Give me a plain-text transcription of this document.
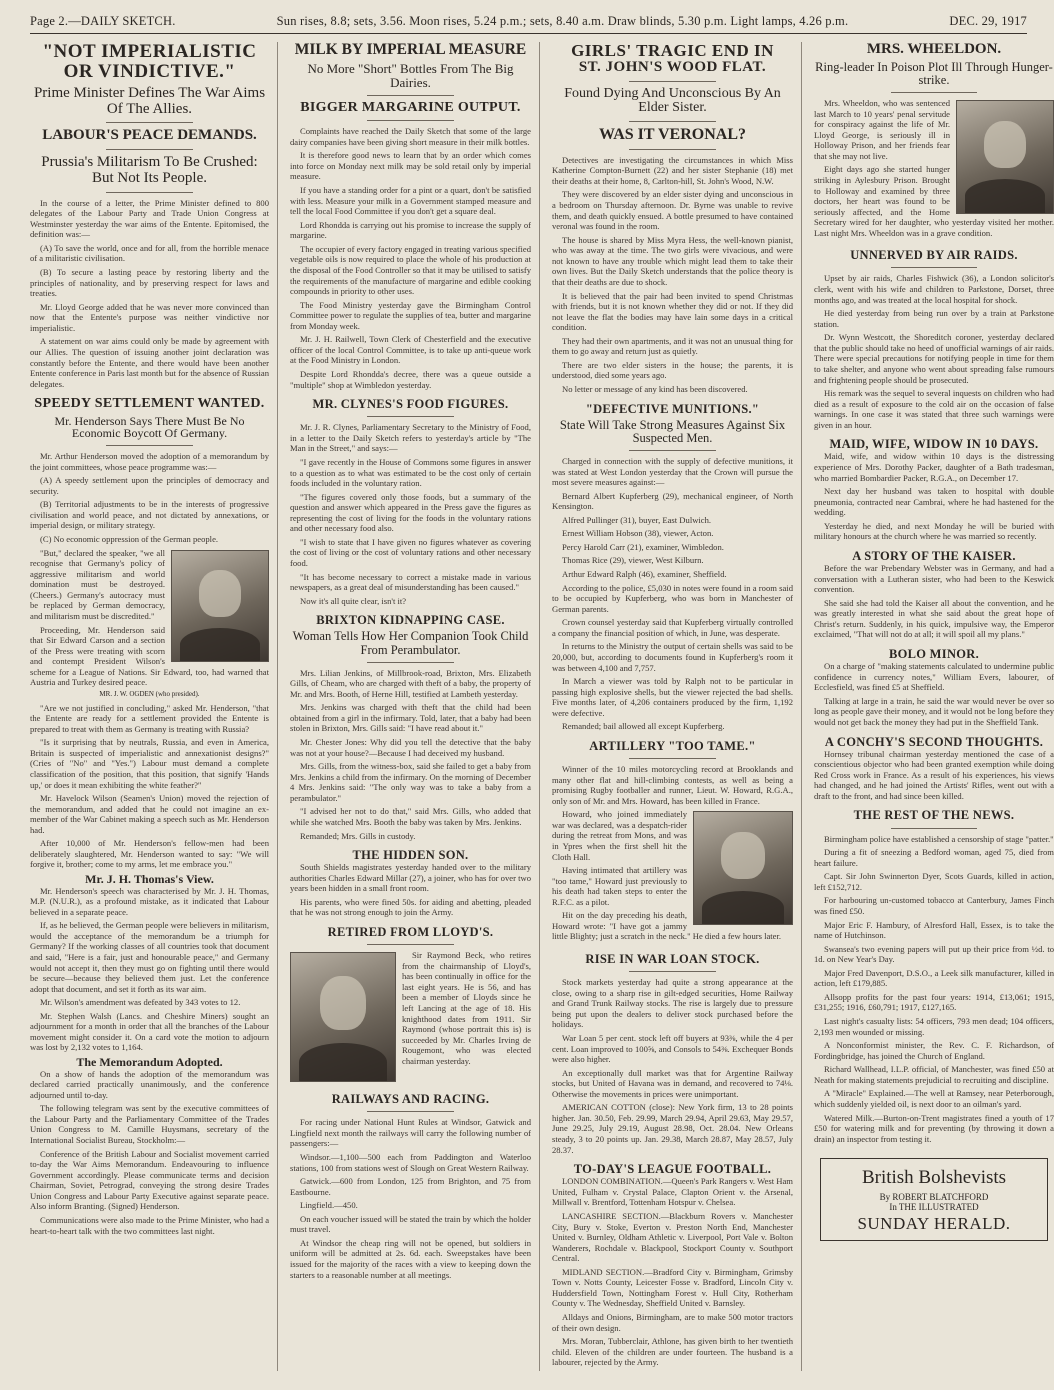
Page 2.—DAILY SKETCH.	Sun rises, 8.8; sets, 3.56. Moon rises, 5.24 p.m.; sets, 8.40 a.m. Draw blinds, 5.30 p.m. Light lamps, 4.26 p.m.	DEC. 29, 1917
"NOT IMPERIALISTIC
OR VINDICTIVE."
Prime Minister Defines The War Aims Of The Allies.
LABOUR'S PEACE DEMANDS.
Prussia's Militarism To Be Crushed: But Not Its People.

In the course of a letter, the Prime Minister defined to 800 delegates of the Labour Party and Trade Union Congress at Westminster yesterday the war aims of the Entente. Epitomised, the definition was:—

(A) To save the world, once and for all, from the horrible menace of a militaristic civilisation.

(B) To secure a lasting peace by restoring liberty and the principles of nationality, and by preserving respect for laws and treaties.

Mr. Lloyd George added that he was never more convinced than now that the Entente's purpose was neither vindictive nor imperialistic.

A statement on war aims could only be made by agreement with our Allies. The question of issuing another joint declaration was constantly before the Entente, and there would have been another Entente conference in Paris last month but for the absence of Russian delegates.

SPEEDY SETTLEMENT WANTED.
Mr. Henderson Says There Must Be No Economic Boycott Of Germany.

Mr. Arthur Henderson moved the adoption of a memorandum by the joint committees, whose peace programme was:—

(A) A speedy settlement upon the principles of democracy and security.

(B) Territorial adjustments to be in the interests of progressive civilisation and world peace, and not dictated by annexations, or imperial design, or military strategy.

(C) No economic oppression of the German people.

"But," declared the speaker, "we all recognise that Germany's policy of aggressive militarism and world domination must be destroyed. (Cheers.) Germany's autocracy must be replaced by German democracy, and militarism must be discredited."

Proceeding, Mr. Henderson said that Sir Edward Carson and a section of the Press were treating with scorn and contempt President Wilson's scheme for a League of Nations. Sir Edward, too, had warned that Austria and Turkey desired peace.

MR. J. W. OGDEN (who presided).

"Are we not justified in concluding," asked Mr. Henderson, "that the Entente are ready for a settlement provided the Entente is prepared to treat with them as Germany is treating with Russia?

"Is it surprising that by neutrals, Russia, and even in America, Britain is suspected of imperialistic and annexationist designs?" (Cries of "No" and "Yes.") Labour must demand a complete classification of the position, that this position, that signify 'Hands up,' or does it mean exhibiting the white feather?"

Mr. Havelock Wilson (Seamen's Union) moved the rejection of the memorandum, and added that he could not imagine an ex-member of the War Cabinet making a speech such as Mr. Henderson had.

After 10,000 of Mr. Henderson's fellow-men had been deliberately slaughtered, Mr. Henderson wanted to say: "We will forgive it, brother; come to my arms, let me embrace you."

Mr. J. H. Thomas's View.

Mr. Henderson's speech was characterised by Mr. J. H. Thomas, M.P. (N.U.R.), as a profound mistake, as it indicated that Labour believed in a separate peace.

If, as he believed, the German people were believers in militarism, would the acceptance of the memorandum be a triumph for Germany? If the working classes of all countries took that document and said, "Here is a fair, just and honourable peace," and Germany would not accept it, then they must go on fighting until there would be secure—because they believed them just. Let the conference adopt that document, and set it forth as its war aim.

Mr. Wilson's amendment was defeated by 343 votes to 12.

Mr. Stephen Walsh (Lancs. and Cheshire Miners) sought an adjournment for a month in order that all the branches of the Labour movement might consider it. On a card vote the motion to adjourn was lost by 2,132 votes to 1,164.

The Memorandum Adopted.

On a show of hands the adoption of the memorandum was declared carried practically unanimously, and the conference adjourned until to-day.

The following telegram was sent by the executive committees of the Labour Party and the Parliamentary Committee of the Trades Union Congress to M. Camille Huysmans, secretary of the International Socialist Bureau, Stockholm:—

Conference of the British Labour and Socialist movement carried to-day the War Aims Memorandum. Endeavouring to influence Government accordingly. Please communicate terms and decision Chairman, Soviet, Petrograd, conveying the strong desire Trades Union Congress and Labour Party Executive against separate peace. Also inform Branting. (Signed) Henderson.

Communications were also made to the Prime Minister, who had a heart-to-heart talk with the two committees last night.

MILK BY IMPERIAL MEASURE
No More "Short" Bottles From The Big Dairies.
BIGGER MARGARINE OUTPUT.

Complaints have reached the Daily Sketch that some of the large dairy companies have been giving short measure in their milk bottles.

It is therefore good news to learn that by an order which comes into force on Monday next milk may be sold retail only by imperial measure.

If you have a standing order for a pint or a quart, don't be satisfied with less. Measure your milk in a Government stamped measure and tell the local Food Committee if you don't get a square deal.

Lord Rhondda is carrying out his promise to increase the supply of margarine.

The occupier of every factory engaged in treating various specified vegetable oils is now required to place the whole of his production at the disposal of the Food Controller so that it may be utilised to satisfy the requirements of the manufacture of margarine and edible cooking compounds in priority to other uses.

The Food Ministry yesterday gave the Birmingham Control Committee power to regulate the supplies of tea, butter and margarine from Monday week.

Mr. J. H. Railwell, Town Clerk of Chesterfield and the executive officer of the local Control Committee, is to take up anti-queue work at the Food Ministry in London.

Despite Lord Rhondda's decree, there was a queue outside a "multiple" shop at Wimbledon yesterday.

MR. CLYNES'S FOOD FIGURES.

Mr. J. R. Clynes, Parliamentary Secretary to the Ministry of Food, in a letter to the Daily Sketch refers to yesterday's article by "The Man in the Street," and says:—

"I gave recently in the House of Commons some figures in answer to a question as to what was estimated to be the cost only of certain foods included in the voluntary ration.

"The figures covered only those foods, but a summary of the question and answer which appeared in the Press gave the figures as representing the cost of living for the foods in the voluntary rations and other necessary food also.

"I wish to state that I have given no figures whatever as covering the cost of living or the cost of voluntary rations and other necessary food.

"It has become necessary to correct a mistake made in various newspapers, as a great deal of misunderstanding has been caused."

Now it's all quite clear, isn't it?

BRIXTON KIDNAPPING CASE.
Woman Tells How Her Companion Took Child From Perambulator.

Mrs. Lilian Jenkins, of Millbrook-road, Brixton, Mrs. Elizabeth Gills, of Cheam, who are charged with theft of a baby, the property of Mr. and Mrs. Booth, of Herne Hill, testified at Lambeth yesterday.

Mrs. Jenkins was charged with theft that the child had been obtained from a girl in the infirmary. Told, later, that a baby had been stolen in Brixton, Mrs. Gills said: "I have read about it."

Mr. Chester Jones: Why did you tell the detective that the baby was not at your house?—Because I had deceived my husband.

Mrs. Gills, from the witness-box, said she failed to get a baby from Mrs. Jenkins a child from the infirmary. On the morning of December 4 Mrs. Jenkins said: "The only way was to take a baby from a perambulator."

"I advised her not to do that," said Mrs. Gills, who added that while she watched Mrs. Booth the baby was taken by Mrs. Jenkins.

Remanded; Mrs. Gills in custody.

THE HIDDEN SON.

South Shields magistrates yesterday handed over to the military authorities Charles Edward Millar (27), a joiner, who has for over two years been hidden in a small front room.

His parents, who were fined 50s. for aiding and abetting, pleaded that he was not strong enough to join the Army.

RETIRED FROM LLOYD'S.

Sir Raymond Beck, who retires from the chairmanship of Lloyd's, has been continually in office for the last eight years. He is 56, and has been a member of Lloyds since he left Lancing at the age of 18. His knighthood dates from 1911. Sir Raymond (whose portrait this is) is succeeded by Mr. Charles Irving de Rougemont, who was elected chairman yesterday.

RAILWAYS AND RACING.

For racing under National Hunt Rules at Windsor, Gatwick and Lingfield next month the railways will carry the following number of passengers:—

Windsor.—1,100—500 each from Paddington and Waterloo stations, 100 from stations west of Slough on Great Western Railway.

Gatwick.—600 from London, 125 from Brighton, and 75 from Eastbourne.

Lingfield.—450.

On each voucher issued will be stated the train by which the holder must travel.

At Windsor the cheap ring will not be opened, but soldiers in uniform will be admitted at 2s. 6d. each. Sweepstakes have been issued for the majority of the races with a view to keeping down the starters to a reasonable number at all meetings.

GIRLS' TRAGIC END IN
ST. JOHN'S WOOD FLAT.
Found Dying And Unconscious By An Elder Sister.
WAS IT VERONAL?

Detectives are investigating the circumstances in which Miss Katherine Compton-Burnett (22) and her sister Stephanie (18) met their deaths at their home, 8, Carlton-hill, St. John's Wood, N.W.

They were discovered by an elder sister dying and unconscious in a bedroom on Thursday afternoon. Dr. Byrne was unable to revive them, and death quickly ensued. A bottle presumed to have contained veronal was found in the room.

The house is shared by Miss Myra Hess, the well-known pianist, who was away at the time. The two girls were vivacious, and were not known to have any trouble which might lead them to take their own lives. But the Daily Sketch understands that the police theory is that their deaths are due to shock.

It is believed that the pair had been invited to spend Christmas with friends, but it is not known whether they did or not. If they did not leave the flat the bodies may have lain some days in a critical condition.

They had their own apartments, and it was not an unusual thing for them to go away and return just as quietly.

There are two elder sisters in the house; the parents, it is understood, died some years ago.

No letter or message of any kind has been discovered.

"DEFECTIVE MUNITIONS."
State Will Take Strong Measures Against Six Suspected Men.

Charged in connection with the supply of defective munitions, it was stated at West London yesterday that the Crown will pursue the most severe measures against:—

Bernard Albert Kupferberg (29), mechanical engineer, of North Kensington.

Alfred Pullinger (31), buyer, East Dulwich.

Ernest William Hobson (38), viewer, Acton.

Percy Harold Carr (21), examiner, Wimbledon.

Thomas Rice (29), viewer, West Kilburn.

Arthur Edward Ralph (46), examiner, Sheffield.

According to the police, £5,030 in notes were found in a room said to be occupied by Kupferberg, who was born in Manchester of German parents.

Crown counsel yesterday said that Kupferberg virtually controlled a company the financial position of which, in June, was desperate.

In returns to the Ministry the output of certain shells was said to be 20,000, but, according to documents found in Kupferberg's room it was between 4,100 and 7,757.

In March a viewer was told by Ralph not to be particular in passing high explosive shells, but the viewer rejected the bad shells. Five months later, of 4,206 containers produced by the firm, 1,192 were defective.

Remanded; bail allowed all except Kupferberg.

ARTILLERY "TOO TAME."

Winner of the 10 miles motorcycling record at Brooklands and many other flat and hill-climbing contests, as well as being a promising Rugby footballer and runner, Lieut. W. Howard, R.G.A., only son of Mr. and Mrs. Howard, has been killed in France.

Howard, who joined immediately war was declared, was a despatch-rider during the retreat from Mons, and was in Ypres when the first shell hit the Cloth Hall.

Having intimated that artillery was "too tame," Howard just previously to his death had taken steps to enter the R.F.C. as a pilot.

Hit on the day preceding his death, Howard wrote: "I have got a jammy little Blighty; just a scratch in the neck." He died a few hours later.

RISE IN WAR LOAN STOCK.

Stock markets yesterday had quite a strong appearance at the close, owing to a sharp rise in gilt-edged securities, Home Railway and Grand Trunk Railway stocks. The rise is largely due to pressure being put upon the dealers to deliver stock purchased before the holidays.

War Loan 5 per cent. stock left off buyers at 93⅜, while the 4 per cent. Loan improved to 100⅝, and Consols to 54⅜. Exchequer Bonds were also higher.

An exceptionally dull market was that for Argentine Railway stocks, but United of Havana was in demand, and recovered to 74⅛. Otherwise the movements in prices were unimportant.

AMERICAN COTTON (close): New York firm, 13 to 28 points higher. Jan. 30.50, Feb. 29.99, March 29.94, April 29.63, May 29.57, June 29.25, July 29.19, August 28.98, Oct. 28.04. New Orleans steady, 3 to 20 points up. Jan. 29.38, March 28.87, May 28.57, July 28.37.

TO-DAY'S LEAGUE FOOTBALL.

LONDON COMBINATION.—Queen's Park Rangers v. West Ham United, Fulham v. Crystal Palace, Clapton Orient v. the Arsenal, Millwall v. Brentford, Tottenham Hotspur v. Chelsea.

LANCASHIRE SECTION.—Blackburn Rovers v. Manchester City, Bury v. Stoke, Everton v. Preston North End, Manchester United v. Burnley, Oldham Athletic v. Liverpool, Port Vale v. Bolton Wanderers, Rochdale v. Blackpool, Stockport County v. Southport Central.

MIDLAND SECTION.—Bradford City v. Birmingham, Grimsby Town v. Notts County, Leicester Fosse v. Bradford, Lincoln City v. Huddersfield Town, Nottingham Forest v. Hull City, Rotherham County v. The Wednesday, Sheffield United v. Barnsley.

Alldays and Onions, Birmingham, are to make 500 motor tractors of their own design.

Mrs. Moran, Tubberclair, Athlone, has given birth to her twentieth child. Eleven of the children are under fourteen. The husband is a labourer, rejected by the Army.

MRS. WHEELDON.
Ring-leader In Poison Plot Ill Through Hunger-strike.

Mrs. Wheeldon, who was sentenced last March to 10 years' penal servitude for conspiracy against the life of Mr. Lloyd George, is seriously ill in Holloway Prison, and her friends fear that she may not live.

Eight days ago she started hunger striking in Aylesbury Prison. Brought to Holloway and examined by three doctors, her heart was found to be seriously affected, and the Home Secretary wired for her daughter, who yesterday visited her mother. Last night Mrs. Wheeldon was in a grave condition.

UNNERVED BY AIR RAIDS.

Upset by air raids, Charles Fishwick (36), a London solicitor's clerk, went with his wife and children to Parkstone, Dorset, three months ago, and was treated at the local hospital for shock.

He died yesterday from being run over by a train at Parkstone station.

Dr. Wynn Westcott, the Shoreditch coroner, yesterday declared that the public should take no heed of unofficial warnings of air raids. There were special precautions for notifying people in time for them to take shelter, and anyone who went about spreading false rumours and frightening people should be prosecuted.

His remark was the sequel to several inquests on children who had died as a result of exposure to the cold air on the occasion of false warnings. In one case it was stated that three such warnings were given in an hour.

MAID, WIFE, WIDOW IN 10 DAYS.

Maid, wife, and widow within 10 days is the distressing experience of Mrs. Dorothy Packer, daughter of a Bath tradesman, who married Bombardier Packer, R.G.A., on December 17.

Next day her husband was taken to hospital with double pneumonia, contracted near Cambrai, where he had hastened for the wedding.

Yesterday he died, and next Monday he will be buried with military honours at the church where he was married so recently.

A STORY OF THE KAISER.

Before the war Prebendary Webster was in Germany, and had a conversation with a Lutheran sister, who had been to the Keswick convention.

She said she had told the Kaiser all about the convention, and he was greatly interested in what she said about the great hope of Christ's return. Suddenly, in his quick, impulsive way, the Emperor exclaimed, "That will not do at all; it will spoil all my plans."

BOLO MINOR.

On a charge of "making statements calculated to undermine public confidence in currency notes," William Evers, labourer, of Ecclesfield, was fined £5 at Sheffield.

Talking at large in a train, he said the war would never be over so long as people gave their money, and it would not be long before they would not get back the money they had put in the Sheffield Tank.

A CONCHY'S SECOND THOUGHTS.

Hornsey tribunal chairman yesterday mentioned the case of a conscientious objector who had been granted exemption while doing Red Cross work in France. As a result of his experiences, his views had changed, and he had joined the Artists' Rifles, went out with a draft to the front, and had since been killed.

THE REST OF THE NEWS.

Birmingham police have established a censorship of stage "patter."

During a fit of sneezing a Bedford woman, aged 75, died from heart failure.

Capt. Sir John Swinnerton Dyer, Scots Guards, killed in action, left £152,712.

For harbouring un-customed tobacco at Canterbury, James Finch was fined £50.

Major Eric F. Hambury, of Alresford Hall, Essex, is to take the name of Hutchinson.

Swansea's two evening papers will put up their price from ½d. to 1d. on New Year's Day.

Major Fred Davenport, D.S.O., a Leek silk manufacturer, killed in action, left £179,885.

Allsopp profits for the past four years: 1914, £13,061; 1915, £31,255; 1916, £60,791; 1917, £127,165.

Last night's casualty lists: 54 officers, 793 men dead; 104 officers, 2,193 men wounded or missing.

A Nonconformist minister, the Rev. C. F. Richardson, of Fordingbridge, has joined the Church of England.

Richard Wallhead, I.L.P. official, of Manchester, was fined £50 at Neath for making statements prejudicial to recruiting and discipline.

A "Miracle" Explained.—The well at Ramsey, near Peterborough, which suddenly yielded oil, is next door to an oilman's yard.

Watered Milk.—Burton-on-Trent magistrates fined a youth of 17 £50 for watering milk and for preventing (by throwing it down a drain) an inspector from testing it.

British Bolshevists
By ROBERT BLATCHFORD
In THE ILLUSTRATED
SUNDAY HERALD.
